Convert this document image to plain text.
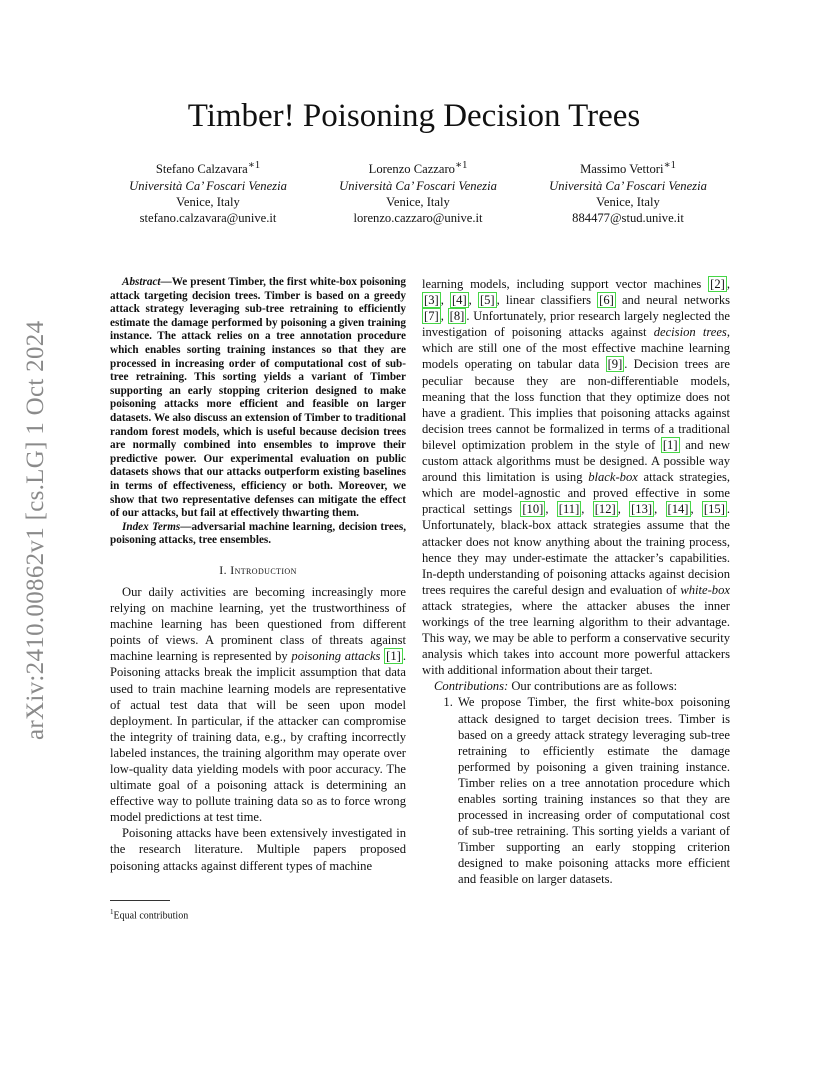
arXiv:2410.00862v1 [cs.LG] 1 Oct 2024
Timber! Poisoning Decision Trees
Stefano Calzavara$^{∗1}$
Università Ca’ Foscari Venezia
Venice, Italy
stefano.calzavara@unive.it
Lorenzo Cazzaro$^{∗1}$
Università Ca’ Foscari Venezia
Venice, Italy
lorenzo.cazzaro@unive.it
Massimo Vettori$^{∗1}$
Università Ca’ Foscari Venezia
Venice, Italy
884477@stud.unive.it

Abstract—We present Timber, the first white-box poisoning attack targeting decision trees. Timber is based on a greedy attack strategy leveraging sub-tree retraining to efficiently estimate the damage performed by poisoning a given training instance. The attack relies on a tree annotation procedure which enables sorting training instances so that they are processed in increasing order of computational cost of sub-tree retraining. This sorting yields a variant of Timber supporting an early stopping criterion designed to make poisoning attacks more efficient and feasible on larger datasets. We also discuss an extension of Timber to traditional random forest models, which is useful because decision trees are normally combined into ensembles to improve their predictive power. Our experimental evaluation on public datasets shows that our attacks outperform existing baselines in terms of effectiveness, efficiency or both. Moreover, we show that two representative defenses can mitigate the effect of our attacks, but fail at effectively thwarting them.

Index Terms—adversarial machine learning, decision trees, poisoning attacks, tree ensembles.

I. Introduction

Our daily activities are becoming increasingly more relying on machine learning, yet the trustworthiness of machine learning has been questioned from different points of views. A prominent class of threats against machine learning is represented by poisoning attacks [1] . Poisoning attacks break the implicit assumption that data used to train machine learning models are representative of actual test data that will be seen upon model deployment. In particular, if the attacker can compromise the integrity of training data, e.g., by crafting incorrectly labeled instances, the training algorithm may operate over low-quality data yielding models with poor accuracy. The ultimate goal of a poisoning attack is determining an effective way to pollute training data so as to force wrong model predictions at test time.

Poisoning attacks have been extensively investigated in the research literature. Multiple papers proposed poisoning attacks against different types of machine

learning models, including support vector machines [2] , [3] , [4] , [5] , linear classifiers [6] and neural networks [7] , [8] . Unfortunately, prior research largely neglected the investigation of poisoning attacks against decision trees, which are still one of the most effective machine learning models operating on tabular data [9] . Decision trees are peculiar because they are non-differentiable models, meaning that the loss function that they optimize does not have a gradient. This implies that poisoning attacks against decision trees cannot be formalized in terms of a traditional bilevel optimization problem in the style of [1] and new custom attack algorithms must be designed. A possible way around this limitation is using black-box attack strategies, which are model-agnostic and proved effective in some practical settings [10] , [11] , [12] , [13] , [14] , [15] . Unfortunately, black-box attack strategies assume that the attacker does not know anything about the training process, hence they may under-estimate the attacker’s capabilities. In-depth understanding of poisoning attacks against decision trees requires the careful design and evaluation of white-box attack strategies, where the attacker abuses the inner workings of the tree learning algorithm to their advantage. This way, we may be able to perform a conservative security analysis which takes into account more powerful attackers with additional information about their target.

Contributions: Our contributions are as follows:

1. We propose Timber, the first white-box poisoning attack designed to target decision trees. Timber is based on a greedy attack strategy leveraging sub-tree retraining to efficiently estimate the damage performed by poisoning a given training instance. Timber relies on a tree annotation procedure which enables sorting training instances so that they are processed in increasing order of computational cost of sub-tree retraining. This sorting yields a variant of Timber supporting an early stopping criterion designed to make poisoning attacks more efficient and feasible on larger datasets.
$^1$Equal contribution
